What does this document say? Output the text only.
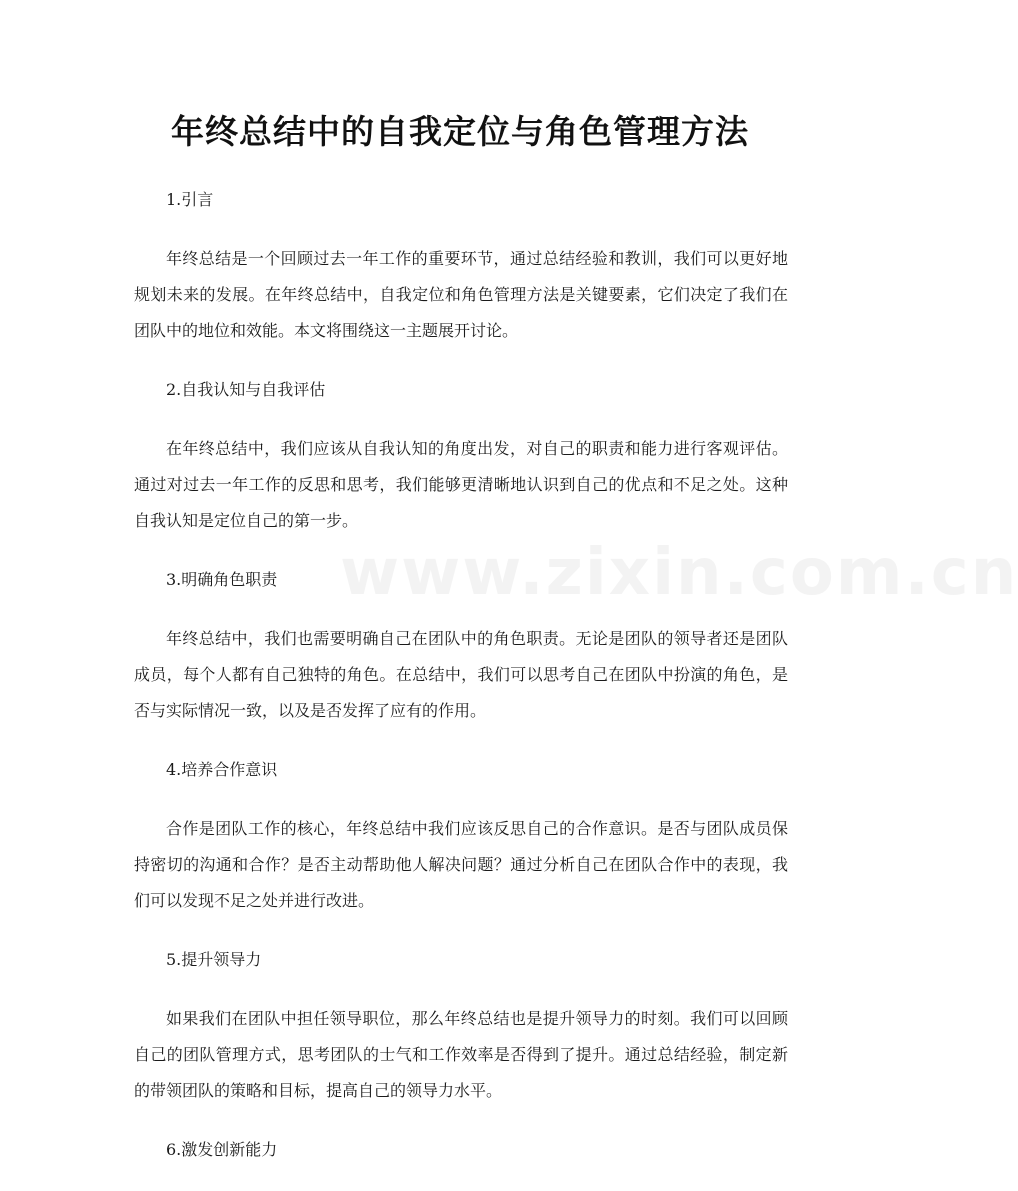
年终总结中的自我定位与角色管理方法
www.zixin.com.cn

1.引言

年终总结是一个回顾过去一年工作的重要环节，通过总结经验和教训，我们可以更好地规划未来的发展。在年终总结中，自我定位和角色管理方法是关键要素，它们决定了我们在团队中的地位和效能。本文将围绕这一主题展开讨论。

2.自我认知与自我评估

在年终总结中，我们应该从自我认知的角度出发，对自己的职责和能力进行客观评估。通过对过去一年工作的反思和思考，我们能够更清晰地认识到自己的优点和不足之处。这种自我认知是定位自己的第一步。

3.明确角色职责

年终总结中，我们也需要明确自己在团队中的角色职责。无论是团队的领导者还是团队成员，每个人都有自己独特的角色。在总结中，我们可以思考自己在团队中扮演的角色，是否与实际情况一致，以及是否发挥了应有的作用。

4.培养合作意识

合作是团队工作的核心，年终总结中我们应该反思自己的合作意识。是否与团队成员保持密切的沟通和合作？是否主动帮助他人解决问题？通过分析自己在团队合作中的表现，我们可以发现不足之处并进行改进。

5.提升领导力

如果我们在团队中担任领导职位，那么年终总结也是提升领导力的时刻。我们可以回顾自己的团队管理方式，思考团队的士气和工作效率是否得到了提升。通过总结经验，制定新的带领团队的策略和目标，提高自己的领导力水平。

6.激发创新能力
